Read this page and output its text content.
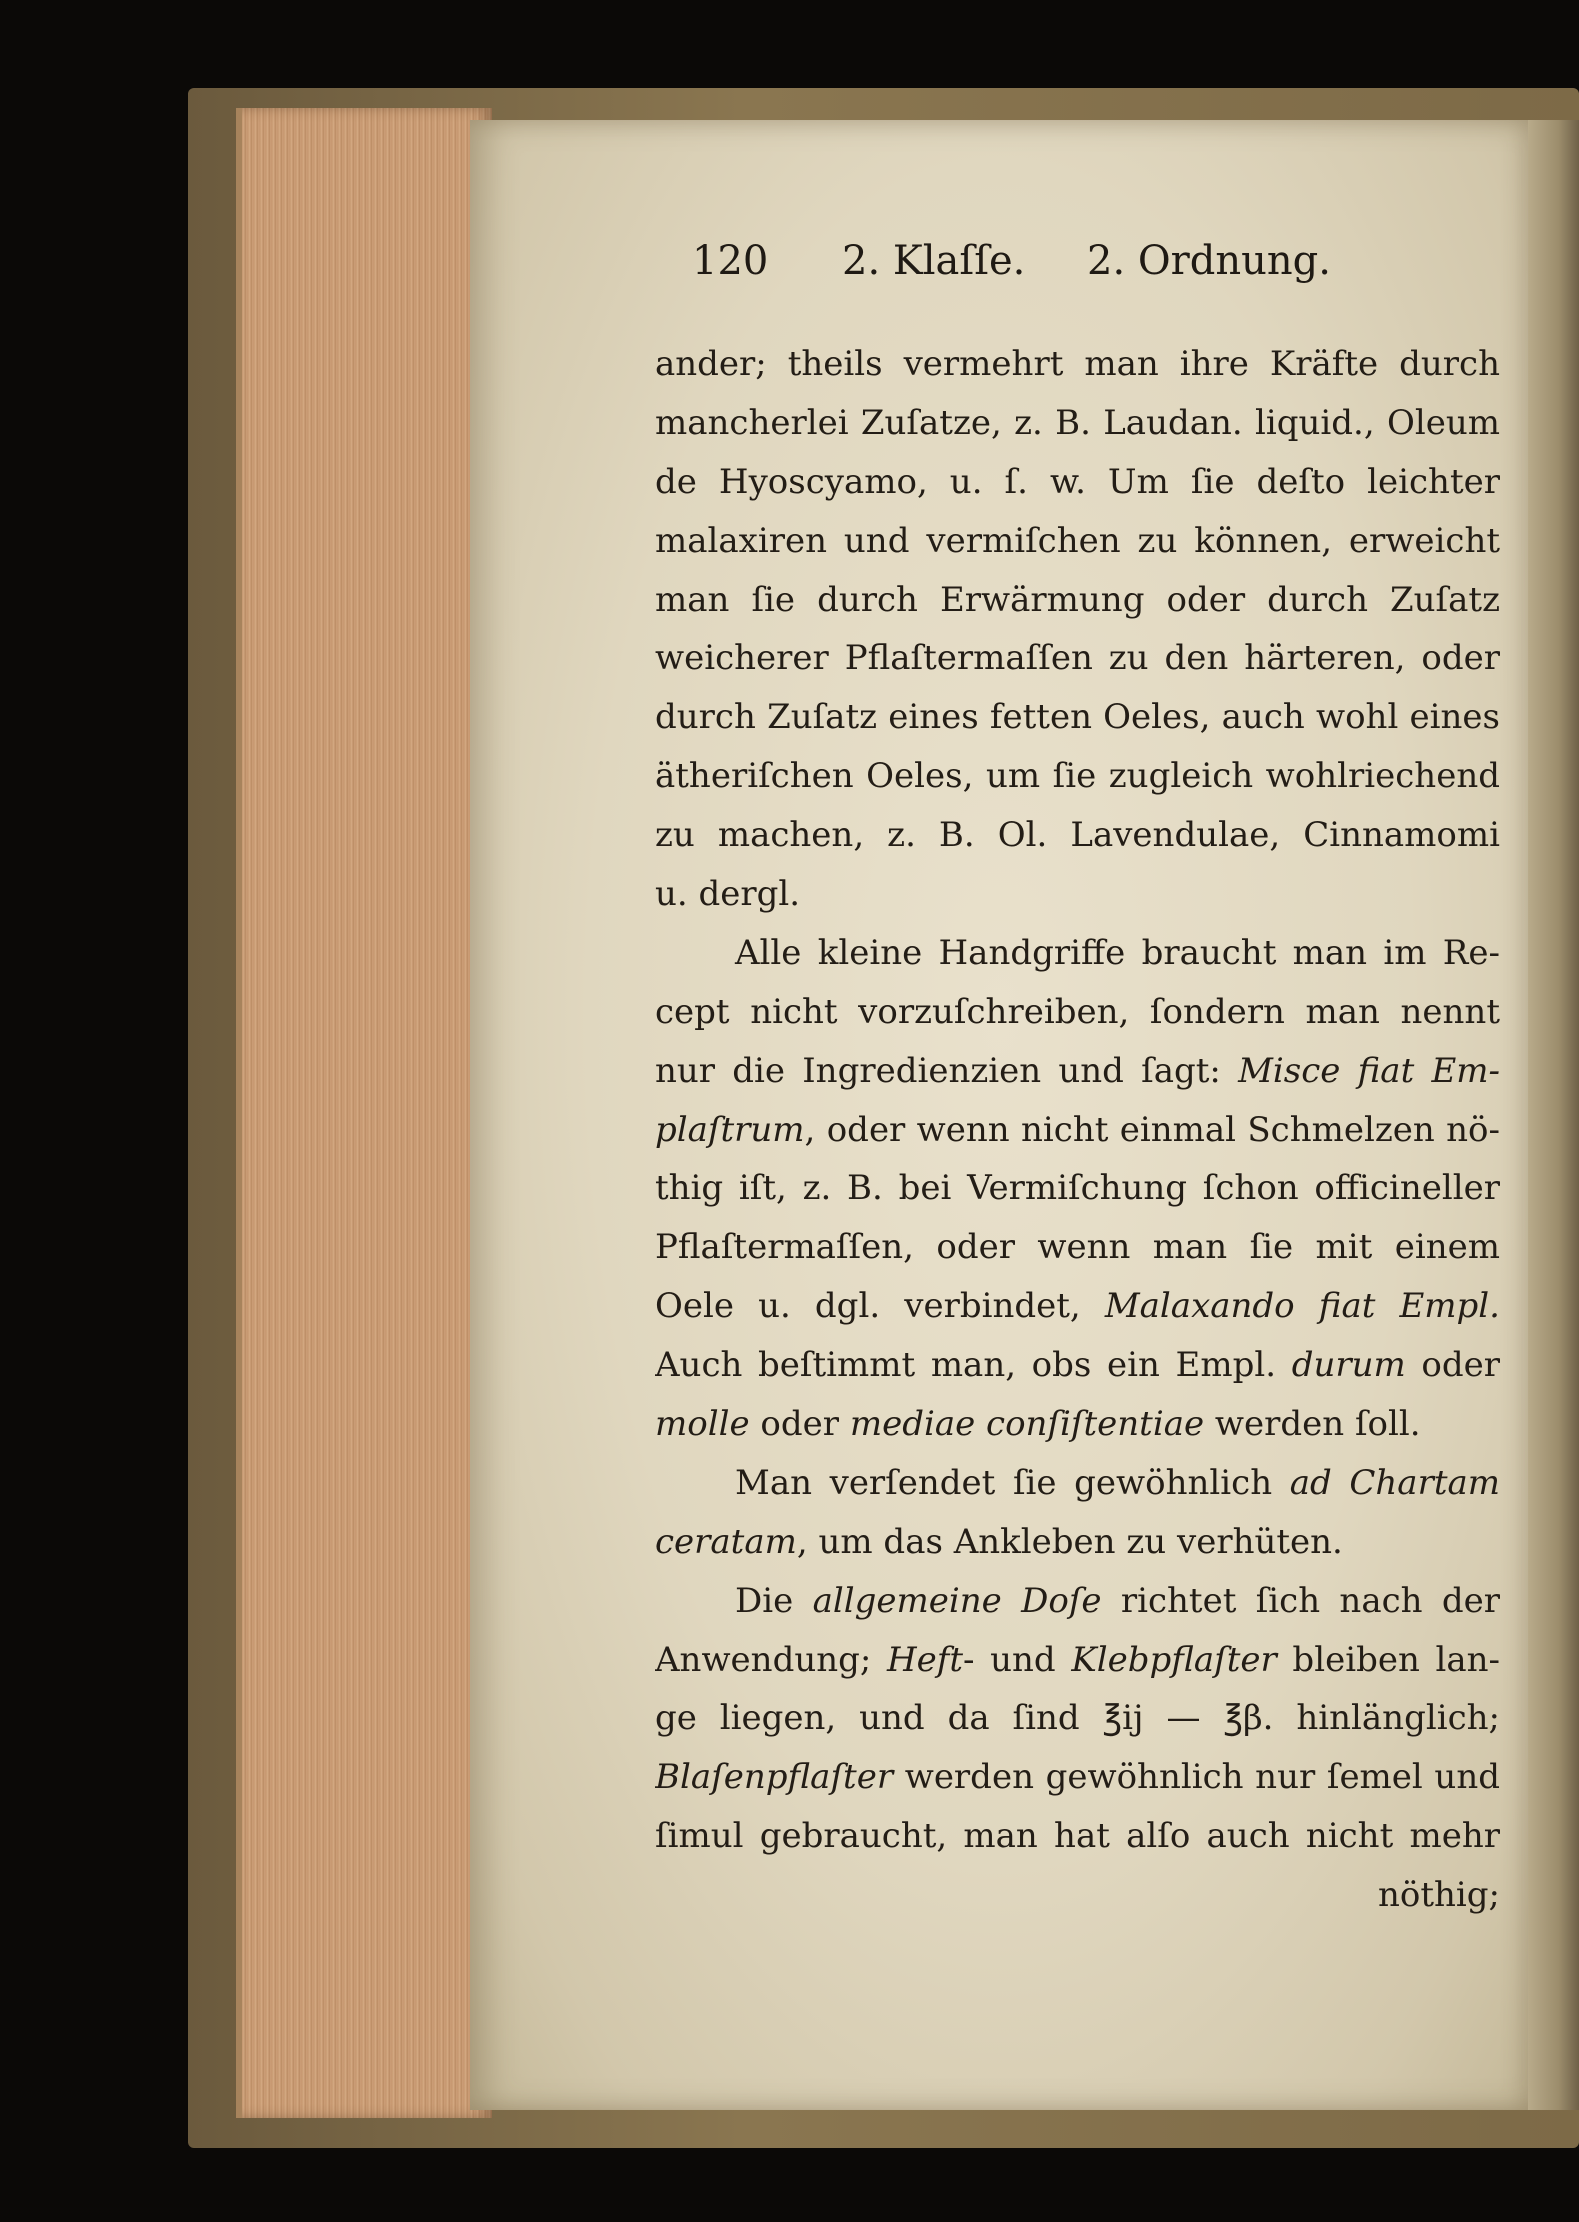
120 2. Klaſſe. 2. Ordnung.
ander; theils vermehrt man ihre Kräfte durch
mancherlei Zuſatze, z. B. Laudan. liquid., Oleum
de Hyoscyamo, u. ſ. w. Um ſie deſto leichter
malaxiren und vermiſchen zu können, erweicht
man ſie durch Erwärmung oder durch Zuſatz
weicherer Pflaſtermaſſen zu den härteren, oder
durch Zuſatz eines fetten Oeles, auch wohl eines
ätheriſchen Oeles, um ſie zugleich wohlriechend
zu machen, z. B. Ol. Lavendulae, Cinnamomi
u. dergl.
Alle kleine Handgriffe braucht man im Re-
cept nicht vorzuſchreiben, ſondern man nennt
nur die Ingredienzien und ſagt: Misce fiat Em-
plaſtrum, oder wenn nicht einmal Schmelzen nö-
thig iſt, z. B. bei Vermiſchung ſchon officineller
Pflaſtermaſſen, oder wenn man ſie mit einem
Oele u. dgl. verbindet, Malaxando fiat Empl.
Auch beſtimmt man, obs ein Empl. durum oder
molle oder mediae conſiſtentiae werden ſoll.
Man verſendet ſie gewöhnlich ad Chartam
ceratam, um das Ankleben zu verhüten.
Die allgemeine Doſe richtet ſich nach der
Anwendung; Heft- und Klebpflaſter bleiben lan-
ge liegen, und da ſind ℥ij — ℥β. hinlänglich;
Blaſenpflaſter werden gewöhnlich nur ſemel und
ſimul gebraucht, man hat alſo auch nicht mehr
nöthig;
